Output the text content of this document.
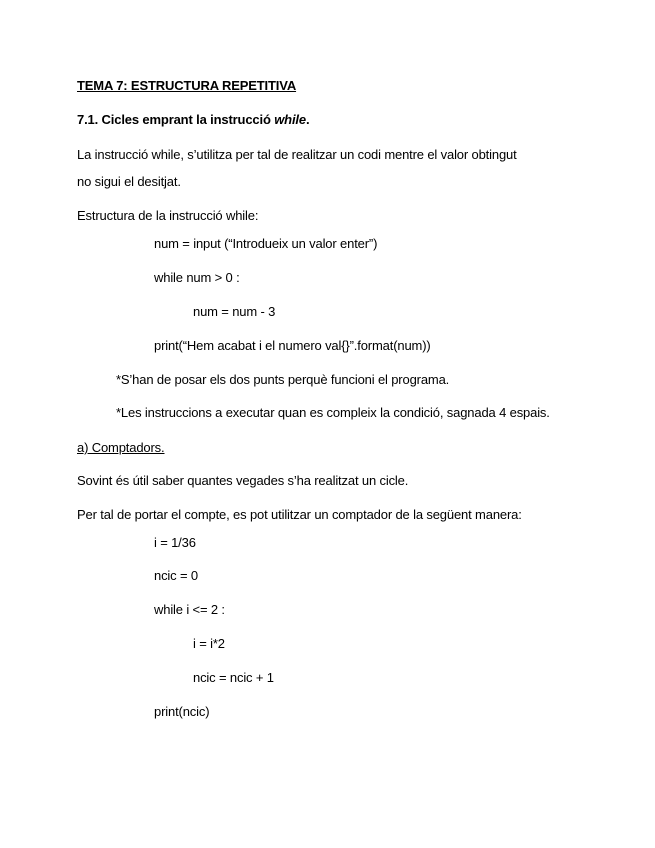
TEMA 7: ESTRUCTURA REPETITIVA
7.1. Cicles emprant la instrucció while.
La instrucció while, s’utilitza per tal de realitzar un codi mentre el valor obtingut
no sigui el desitjat.
Estructura de la instrucció while:
num = input (“Introdueix un valor enter”)
while num > 0 :
num = num - 3
print(“Hem acabat i el numero val{}”.format(num))
*S’han de posar els dos punts perquè funcioni el programa.
*Les instruccions a executar quan es compleix la condició, sagnada 4 espais.
a) Comptadors.
Sovint és útil saber quantes vegades s’ha realitzat un cicle.
Per tal de portar el compte, es pot utilitzar un comptador de la següent manera:
i = 1/36
ncic = 0
while i <= 2 :
i = i*2
ncic = ncic + 1
print(ncic)
